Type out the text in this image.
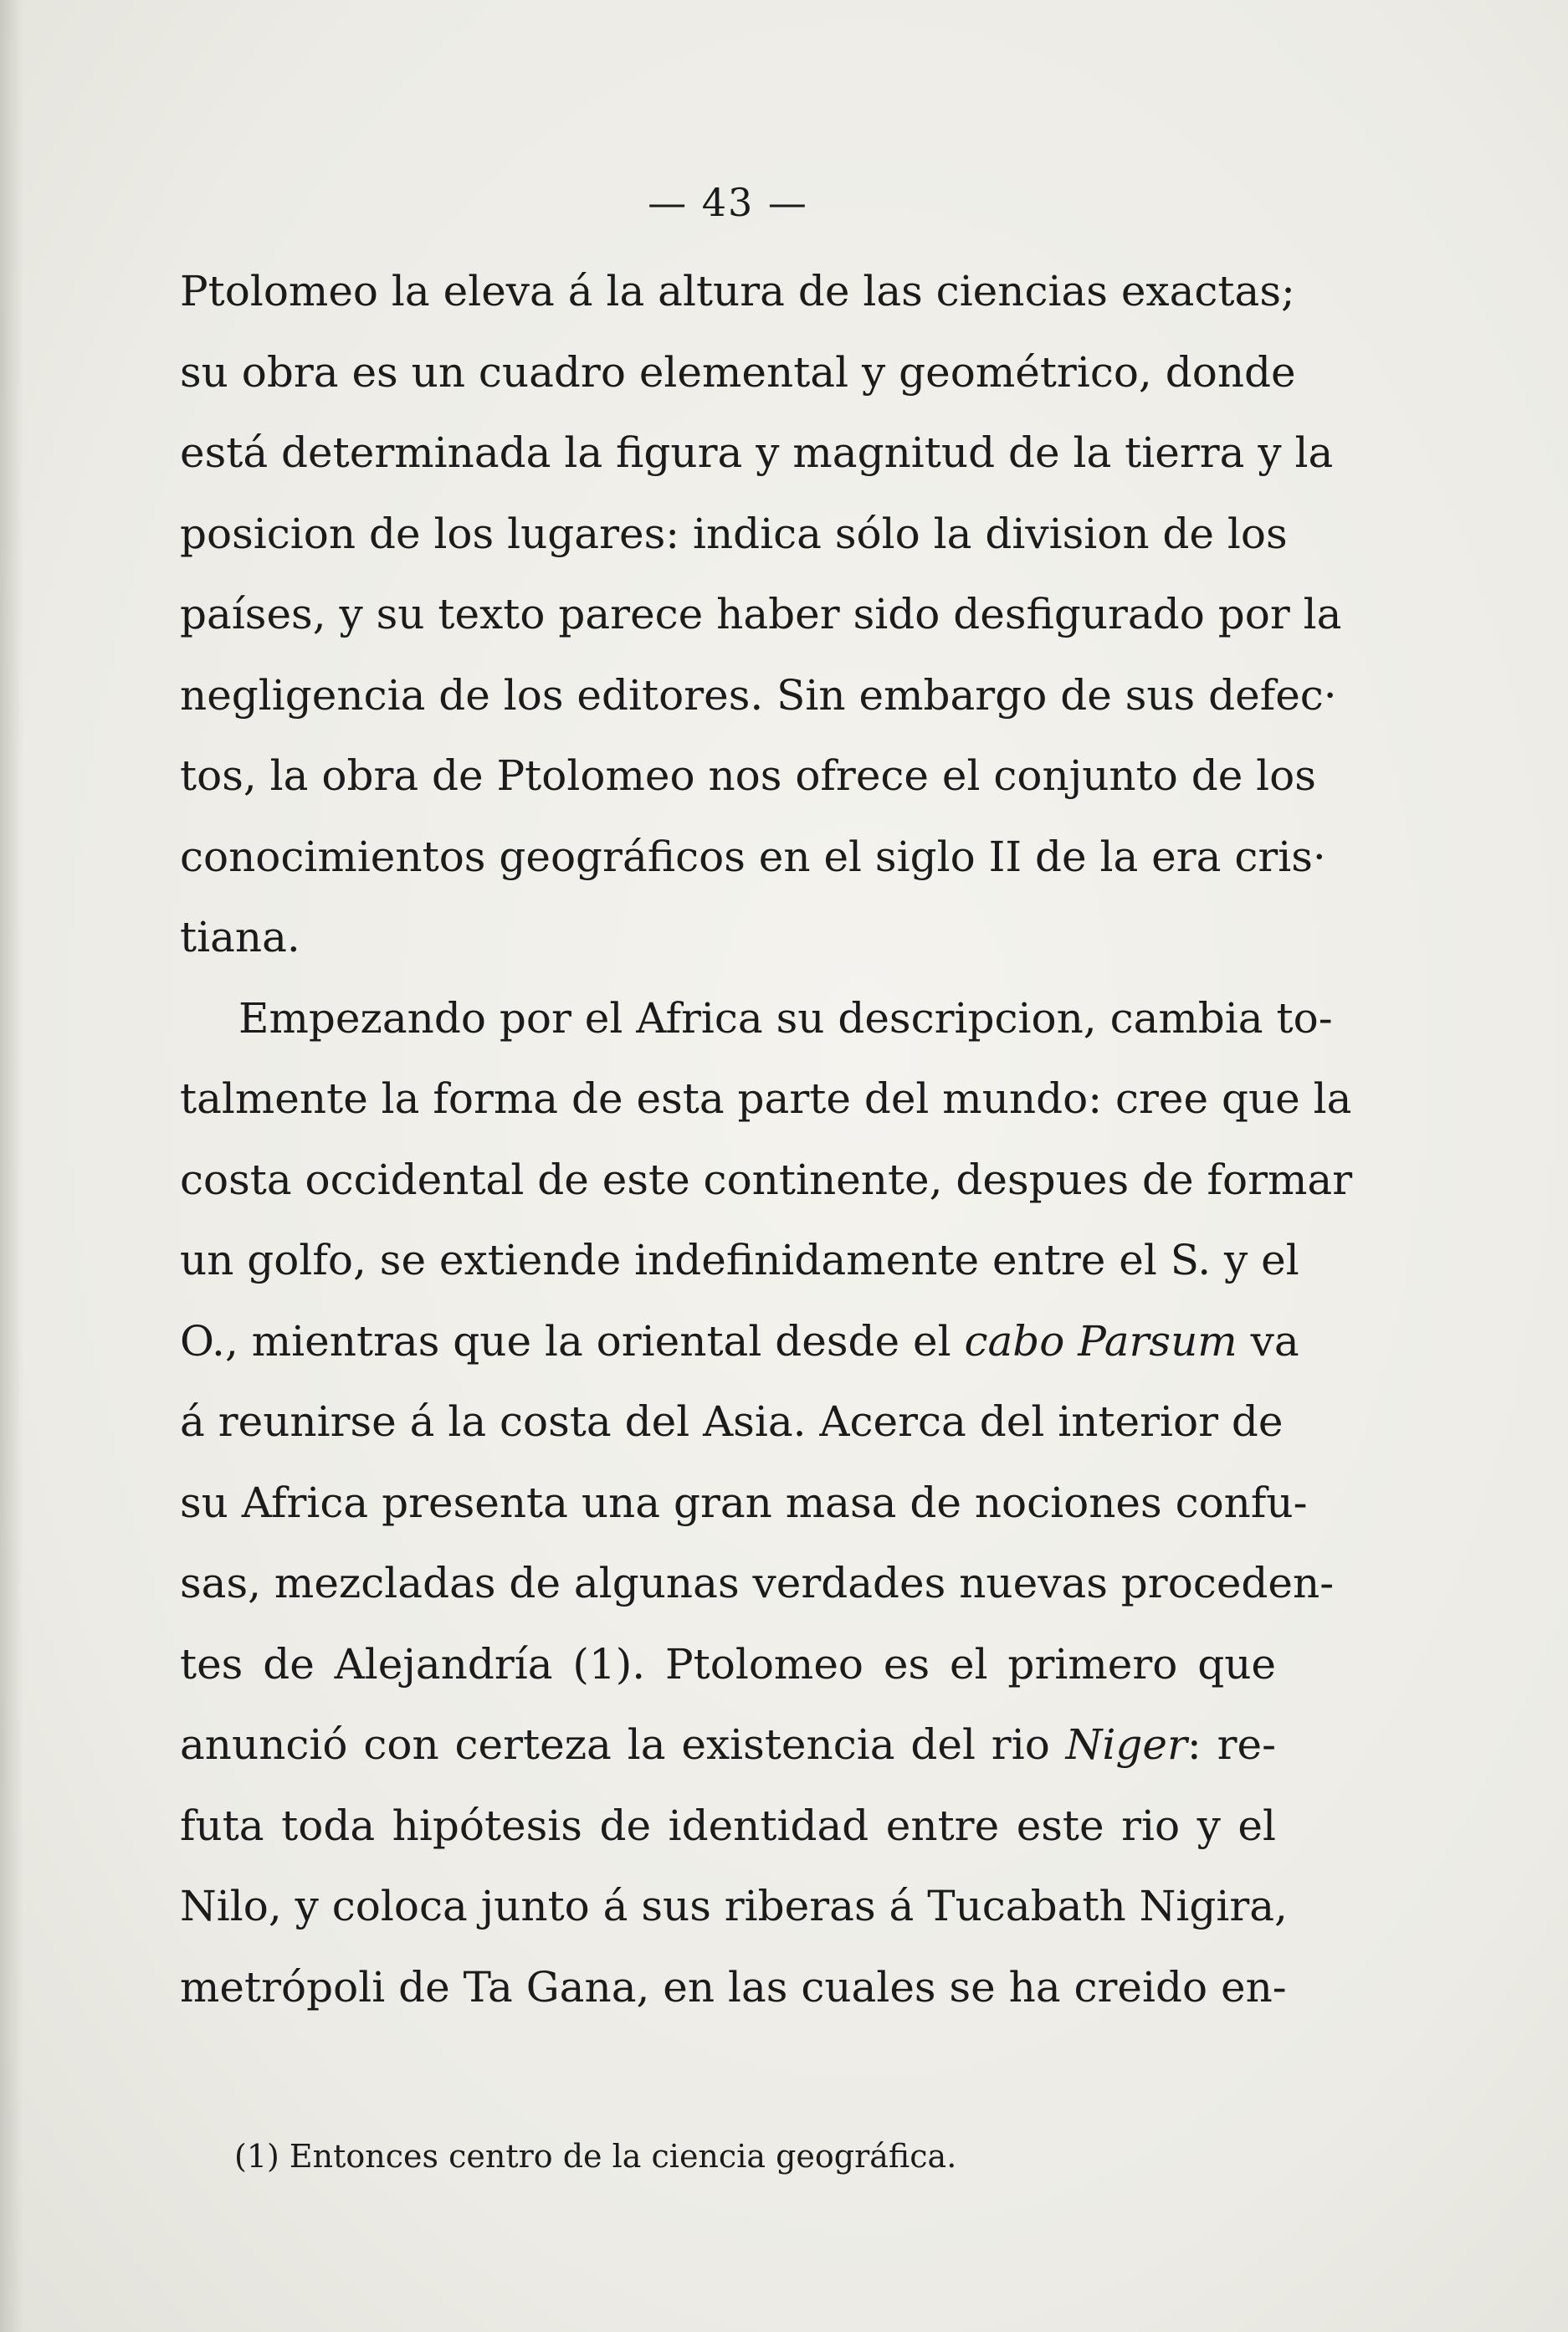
— 43 —
Ptolomeo la eleva á la altura de las ciencias exactas;
su obra es un cuadro elemental y geométrico, donde
está determinada la figura y magnitud de la tierra y la
posicion de los lugares: indica sólo la division de los
países, y su texto parece haber sido desfigurado por la
negligencia de los editores. Sin embargo de sus defec·
tos, la obra de Ptolomeo nos ofrece el conjunto de los
conocimientos geográficos en el siglo II de la era cris·
tiana.
Empezando por el Africa su descripcion, cambia to-
talmente la forma de esta parte del mundo: cree que la
costa occidental de este continente, despues de formar
un golfo, se extiende indefinidamente entre el S. y el
O., mientras que la oriental desde el cabo Parsum va
á reunirse á la costa del Asia. Acerca del interior de
su Africa presenta una gran masa de nociones confu-
sas, mezcladas de algunas verdades nuevas proceden-
tes de Alejandría (1). Ptolomeo es el primero que
anunció con certeza la existencia del rio Niger: re-
futa toda hipótesis de identidad entre este rio y el
Nilo, y coloca junto á sus riberas á Tucabath Nigira,
metrópoli de Ta Gana, en las cuales se ha creido en-
(1) Entonces centro de la ciencia geográfica.
